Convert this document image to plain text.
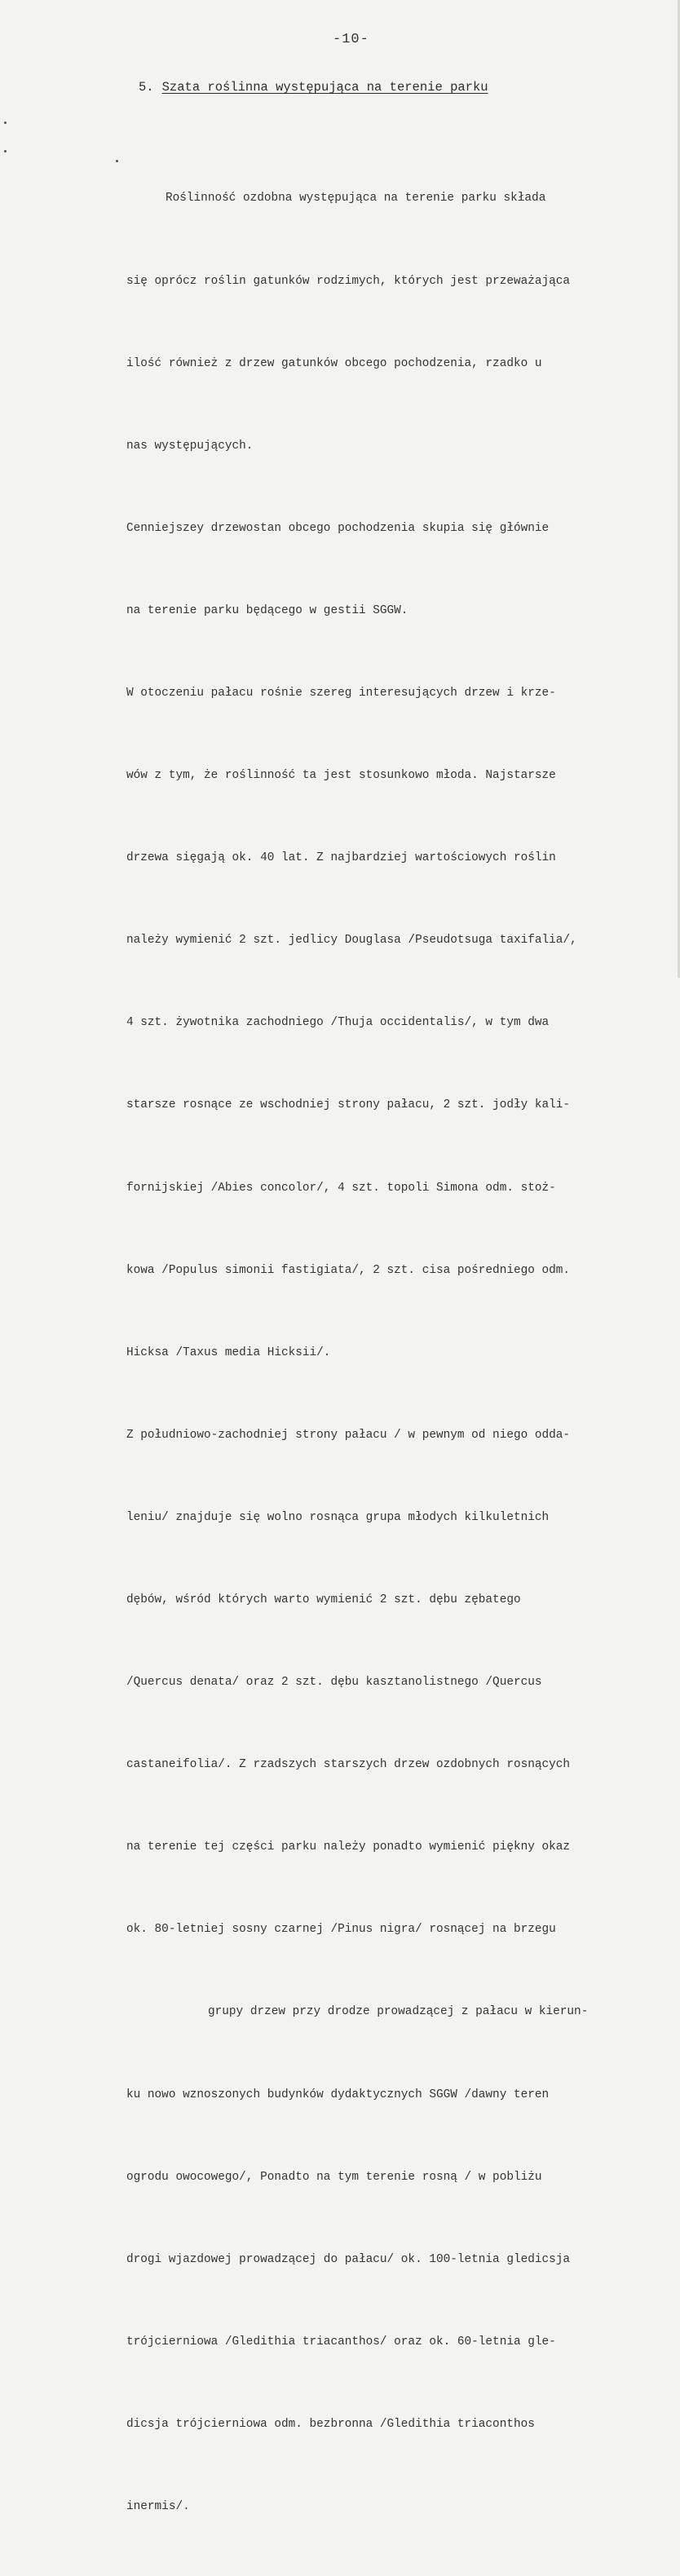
-10-
5. Szata roślinna występująca na terenie parku

Roślinność ozdobna występująca na terenie parku składa

się oprócz roślin gatunków rodzimych, których jest przeważająca

ilość również z drzew gatunków obcego pochodzenia, rzadko u

nas występujących.

Cenniejszey drzewostan obcego pochodzenia skupia się głównie

na terenie parku będącego w gestii SGGW.

W otoczeniu pałacu rośnie szereg interesujących drzew i krze-

wów z tym, że roślinność ta jest stosunkowo młoda. Najstarsze

drzewa sięgają ok. 40 lat. Z najbardziej wartościowych roślin

należy wymienić 2 szt. jedlicy Douglasa /Pseudotsuga taxifalia/,

4 szt. żywotnika zachodniego /Thuja occidentalis/, w tym dwa

starsze rosnące ze wschodniej strony pałacu, 2 szt. jodły kali-

fornijskiej /Abies concolor/, 4 szt. topoli Simona odm. stoż-

kowa /Populus simonii fastigiata/, 2 szt. cisa pośredniego odm.

Hicksa /Taxus media Hicksii/.

Z południowo-zachodniej strony pałacu / w pewnym od niego odda-

leniu/ znajduje się wolno rosnąca grupa młodych kilkuletnich

dębów, wśród których warto wymienić 2 szt. dębu zębatego

/Quercus denata/ oraz 2 szt. dębu kasztanolistnego /Quercus

castaneifolia/. Z rzadszych starszych drzew ozdobnych rosnących

na terenie tej części parku należy ponadto wymienić piękny okaz

ok. 80-letniej sosny czarnej /Pinus nigra/ rosnącej na brzegu

grupy drzew przy drodze prowadzącej z pałacu w kierun-

ku nowo wznoszonych budynków dydaktycznych SGGW /dawny teren

ogrodu owocowego/, Ponadto na tym terenie rosną / w pobliżu

drogi wjazdowej prowadzącej do pałacu/ ok. 100-letnia gledicsja

trójcierniowa /Gledithia triacanthos/ oraz ok. 60-letnia gle-

dicsja trójcierniowa odm. bezbronna /Gledithia triaconthos

inermis/.
